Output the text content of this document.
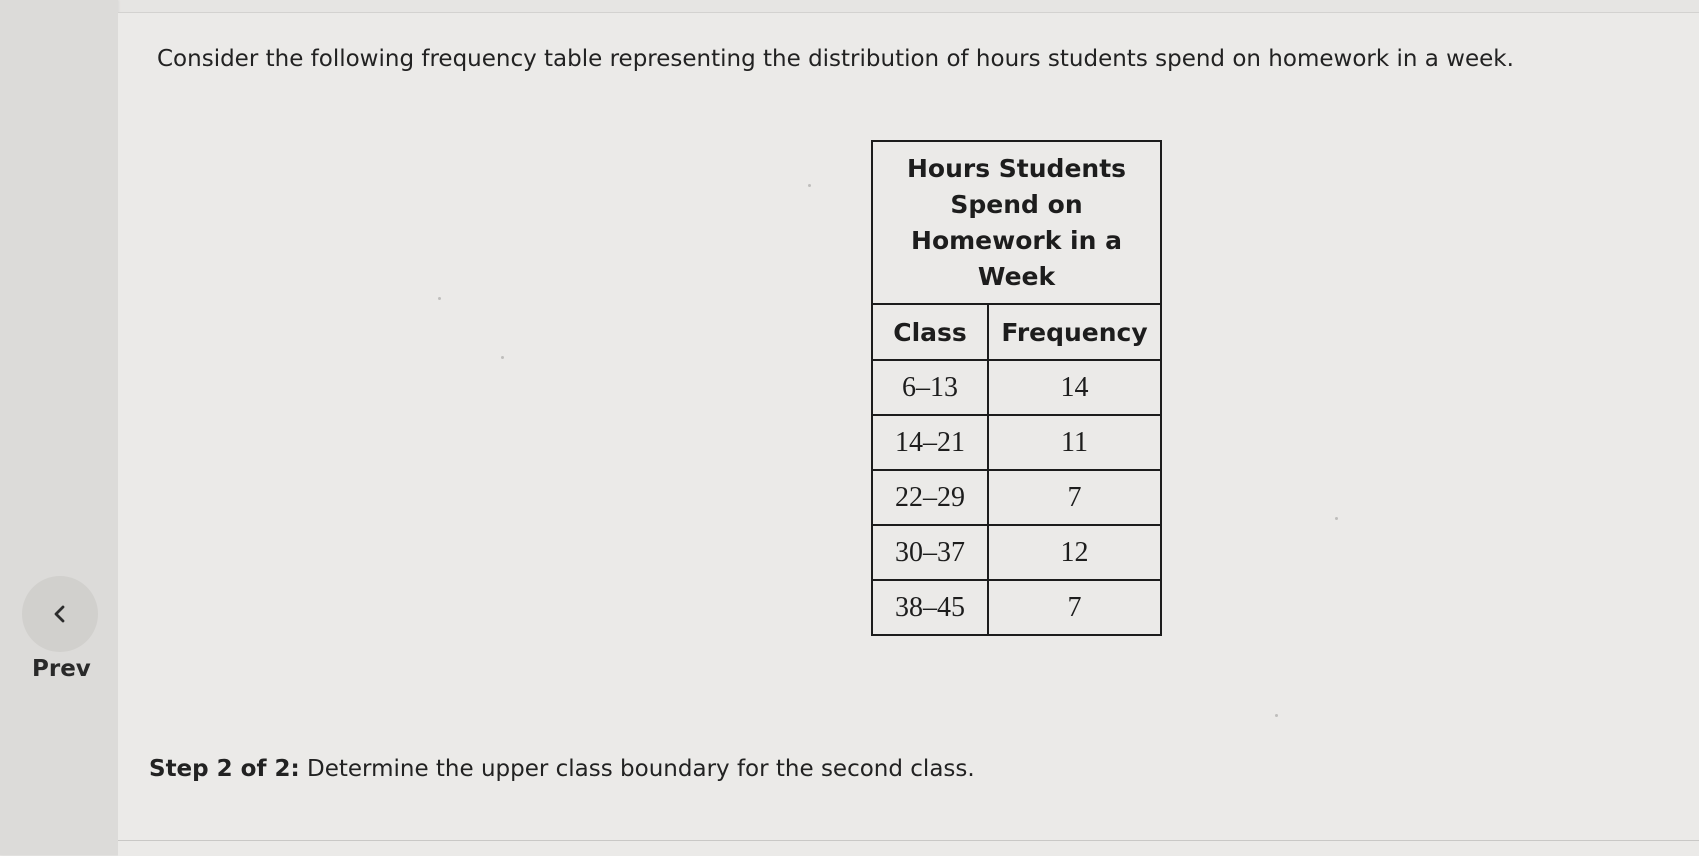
Consider the following frequency table representing the distribution of hours students spend on homework in a week.

Prev
Hours Students
Spend on
Homework in a
Week	

Class	Frequency
6–13	14
14–21	11
22–29	7
30–37	12
38–45	7

Step 2 of 2: Determine the upper class boundary for the second class.
